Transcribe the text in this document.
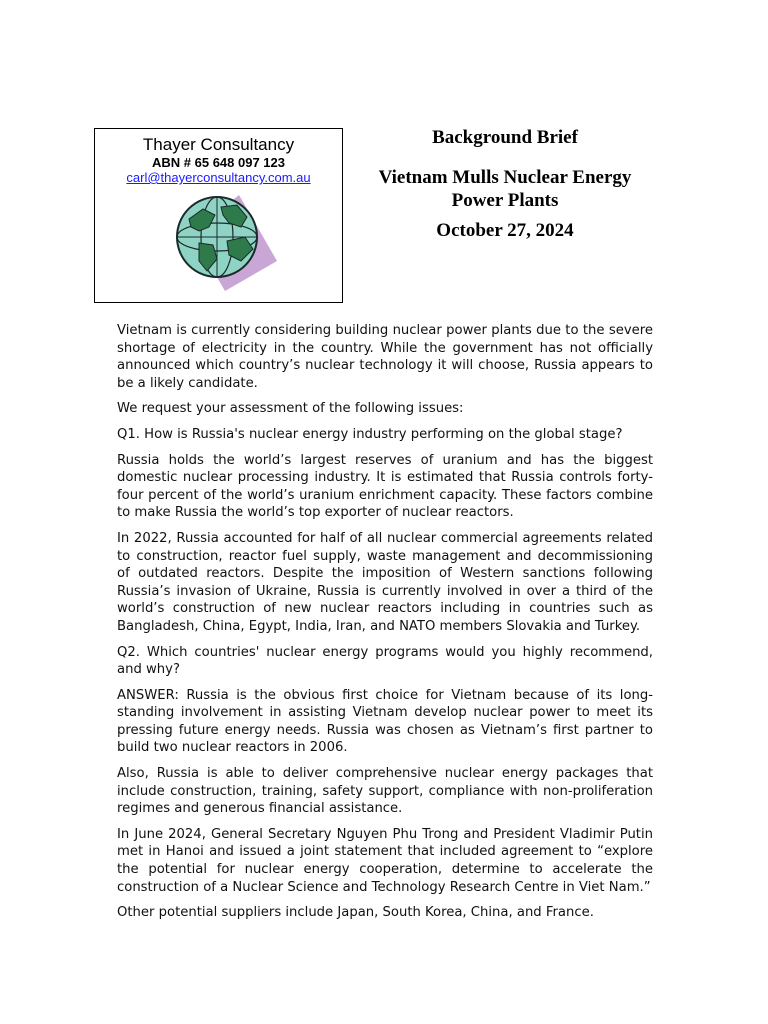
Thayer Consultancy
ABN # 65 648 097 123
carl@thayerconsultancy.com.au
Background Brief
Vietnam Mulls Nuclear Energy Power Plants
October 27, 2024

Vietnam is currently considering building nuclear power plants due to the severe shortage of electricity in the country. While the government has not officially announced which country’s nuclear technology it will choose, Russia appears to be a likely candidate.

We request your assessment of the following issues:

Q1. How is Russia's nuclear energy industry performing on the global stage?

Russia holds the world’s largest reserves of uranium and has the biggest domestic nuclear processing industry. It is estimated that Russia controls forty-four percent of the world’s uranium enrichment capacity. These factors combine to make Russia the world’s top exporter of nuclear reactors.

In 2022, Russia accounted for half of all nuclear commercial agreements related to construction, reactor fuel supply, waste management and decommissioning of outdated reactors. Despite the imposition of Western sanctions following Russia’s invasion of Ukraine, Russia is currently involved in over a third of the world’s construction of new nuclear reactors including in countries such as Bangladesh, China, Egypt, India, Iran, and NATO members Slovakia and Turkey.

Q2. Which countries' nuclear energy programs would you highly recommend, and why?

ANSWER: Russia is the obvious first choice for Vietnam because of its long-standing involvement in assisting Vietnam develop nuclear power to meet its pressing future energy needs. Russia was chosen as Vietnam’s first partner to build two nuclear reactors in 2006.

Also, Russia is able to deliver comprehensive nuclear energy packages that include construction, training, safety support, compliance with non-proliferation regimes and generous financial assistance.

In June 2024, General Secretary Nguyen Phu Trong and President Vladimir Putin met in Hanoi and issued a joint statement that included agreement to “explore the potential for nuclear energy cooperation, determine to accelerate the construction of a Nuclear Science and Technology Research Centre in Viet Nam.”

Other potential suppliers include Japan, South Korea, China, and France.
